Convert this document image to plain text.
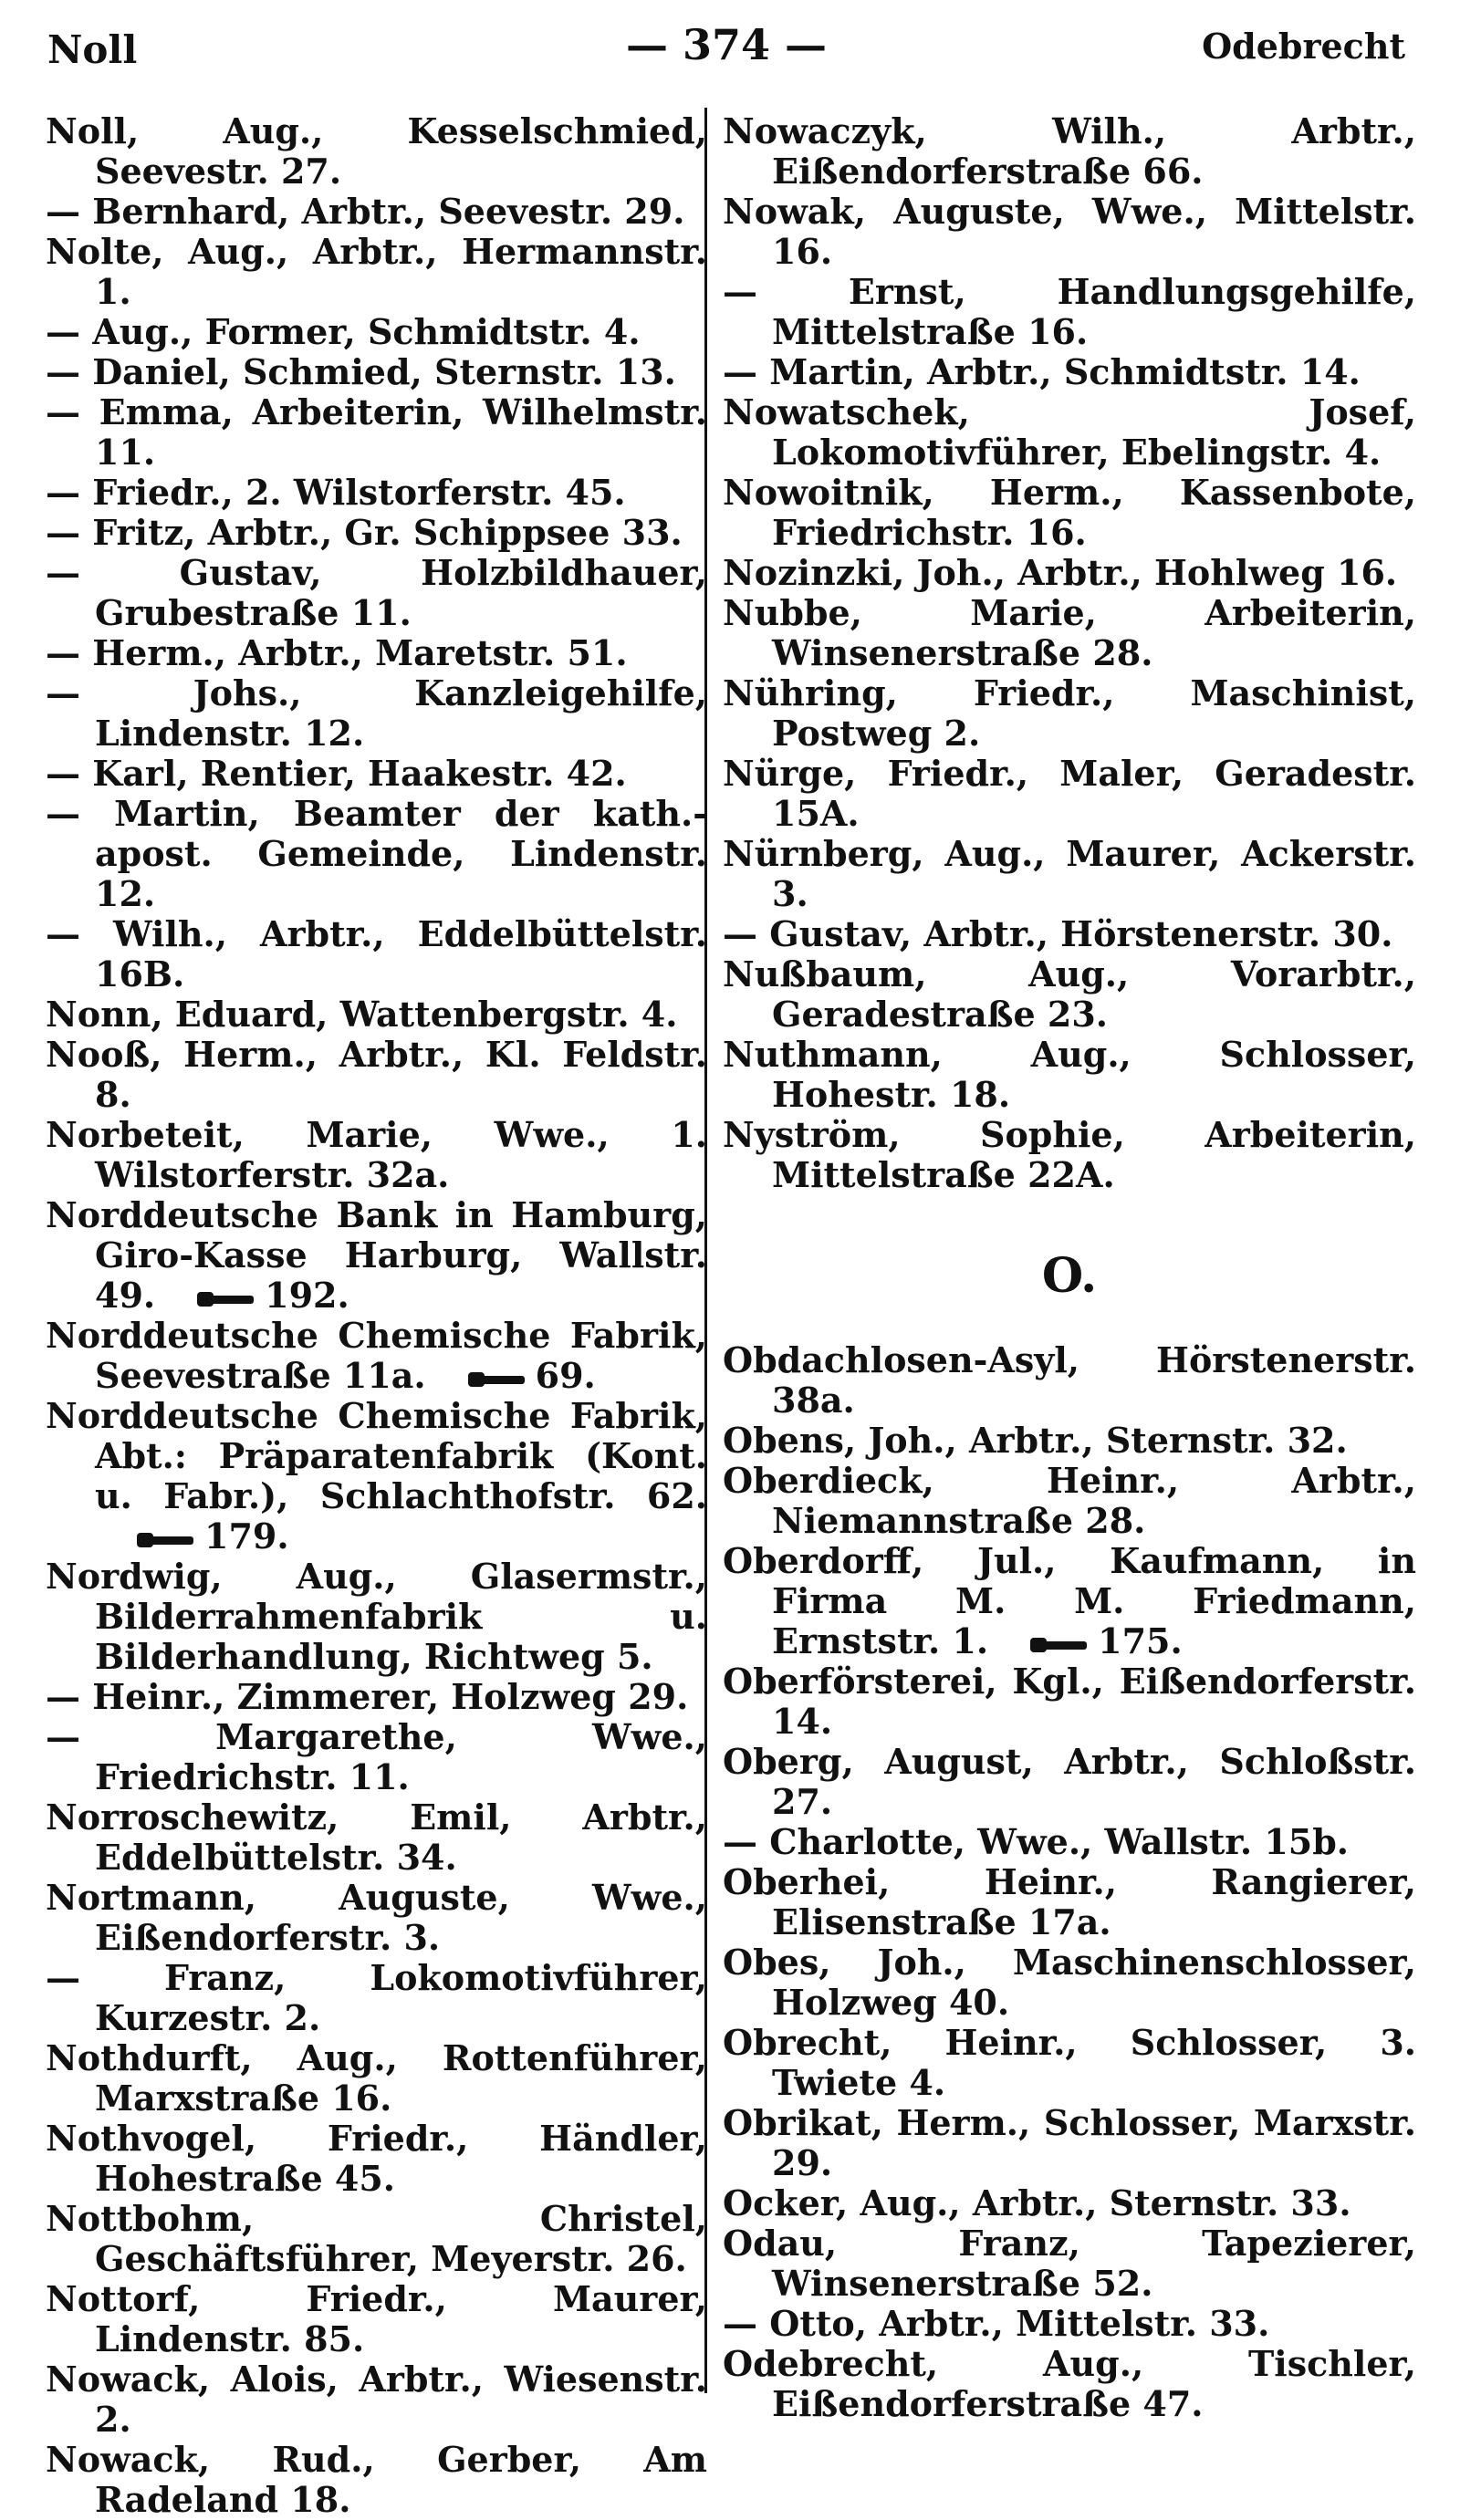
Noll	— 374 —	Odebrecht
Noll, Aug., Kesselschmied, Seevestr. 27.
— Bernhard, Arbtr., Seevestr. 29.
Nolte, Aug., Arbtr., Hermannstr. 1.
— Aug., Former, Schmidtstr. 4.
— Daniel, Schmied, Sternstr. 13.
— Emma, Arbeiterin, Wilhelmstr. 11.
— Friedr., 2. Wilstorferstr. 45.
— Fritz, Arbtr., Gr. Schippsee 33.
— Gustav, Holzbildhauer, Grubestraße 11.
— Herm., Arbtr., Maretstr. 51.
— Johs., Kanzleigehilfe, Lindenstr. 12.
— Karl, Rentier, Haakestr. 42.
— Martin, Beamter der kath.-apost. Gemeinde, Lindenstr. 12.
— Wilh., Arbtr., Eddelbüttelstr. 16B.
Nonn, Eduard, Wattenbergstr. 4.
Nooß, Herm., Arbtr., Kl. Feldstr. 8.
Norbeteit, Marie, Wwe., 1. Wilstorferstr. 32a.
Norddeutsche Bank in Hamburg, Giro-Kasse Harburg, Wallstr. 49.	192.
Norddeutsche Chemische Fabrik, Seevestraße 11a.	69.
Norddeutsche Chemische Fabrik, Abt.: Präparatenfabrik (Kont. u. Fabr.), Schlachthofstr. 62.179.
Nordwig, Aug., Glasermstr., Bilderrahmenfabrik u. Bilderhandlung, Richtweg 5.
— Heinr., Zimmerer, Holzweg 29.
— Margarethe, Wwe., Friedrichstr. 11.
Norroschewitz, Emil, Arbtr., Eddelbüttelstr. 34.
Nortmann, Auguste, Wwe., Eißendorferstr. 3.
— Franz, Lokomotivführer, Kurzestr. 2.
Nothdurft, Aug., Rottenführer, Marxstraße 16.
Nothvogel, Friedr., Händler, Hohestraße 45.
Nottbohm, Christel, Geschäftsführer, Meyerstr. 26.
Nottorf, Friedr., Maurer, Lindenstr. 85.
Nowack, Alois, Arbtr., Wiesenstr. 2.
Nowack, Rud., Gerber, Am Radeland 18.
Nowaczyk, Wilh., Arbtr., Eißendorferstraße 66.
Nowak, Auguste, Wwe., Mittelstr. 16.
— Ernst, Handlungsgehilfe, Mittelstraße 16.
— Martin, Arbtr., Schmidtstr. 14.
Nowatschek, Josef, Lokomotivführer, Ebelingstr. 4.
Nowoitnik, Herm., Kassenbote, Friedrichstr. 16.
Nozinzki, Joh., Arbtr., Hohlweg 16.
Nubbe, Marie, Arbeiterin, Winsenerstraße 28.
Nühring, Friedr., Maschinist, Postweg 2.
Nürge, Friedr., Maler, Geradestr. 15A.
Nürnberg, Aug., Maurer, Ackerstr. 3.
— Gustav, Arbtr., Hörstenerstr. 30.
Nußbaum, Aug., Vorarbtr., Geradestraße 23.
Nuthmann, Aug., Schlosser, Hohestr. 18.
Nyström, Sophie, Arbeiterin, Mittelstraße 22A.
O.
Obdachlosen-Asyl, Hörstenerstr. 38a.
Obens, Joh., Arbtr., Sternstr. 32.
Oberdieck, Heinr., Arbtr., Niemannstraße 28.
Oberdorff, Jul., Kaufmann, in Firma M. M. Friedmann, Ernststr. 1.	175.
Oberförsterei, Kgl., Eißendorferstr. 14.
Oberg, August, Arbtr., Schloßstr. 27.
— Charlotte, Wwe., Wallstr. 15b.
Oberhei, Heinr., Rangierer, Elisenstraße 17a.
Obes, Joh., Maschinenschlosser, Holzweg 40.
Obrecht, Heinr., Schlosser, 3. Twiete 4.
Obrikat, Herm., Schlosser, Marxstr. 29.
Ocker, Aug., Arbtr., Sternstr. 33.
Odau, Franz, Tapezierer, Winsenerstraße 52.
— Otto, Arbtr., Mittelstr. 33.
Odebrecht, Aug., Tischler, Eißendorferstraße 47.
